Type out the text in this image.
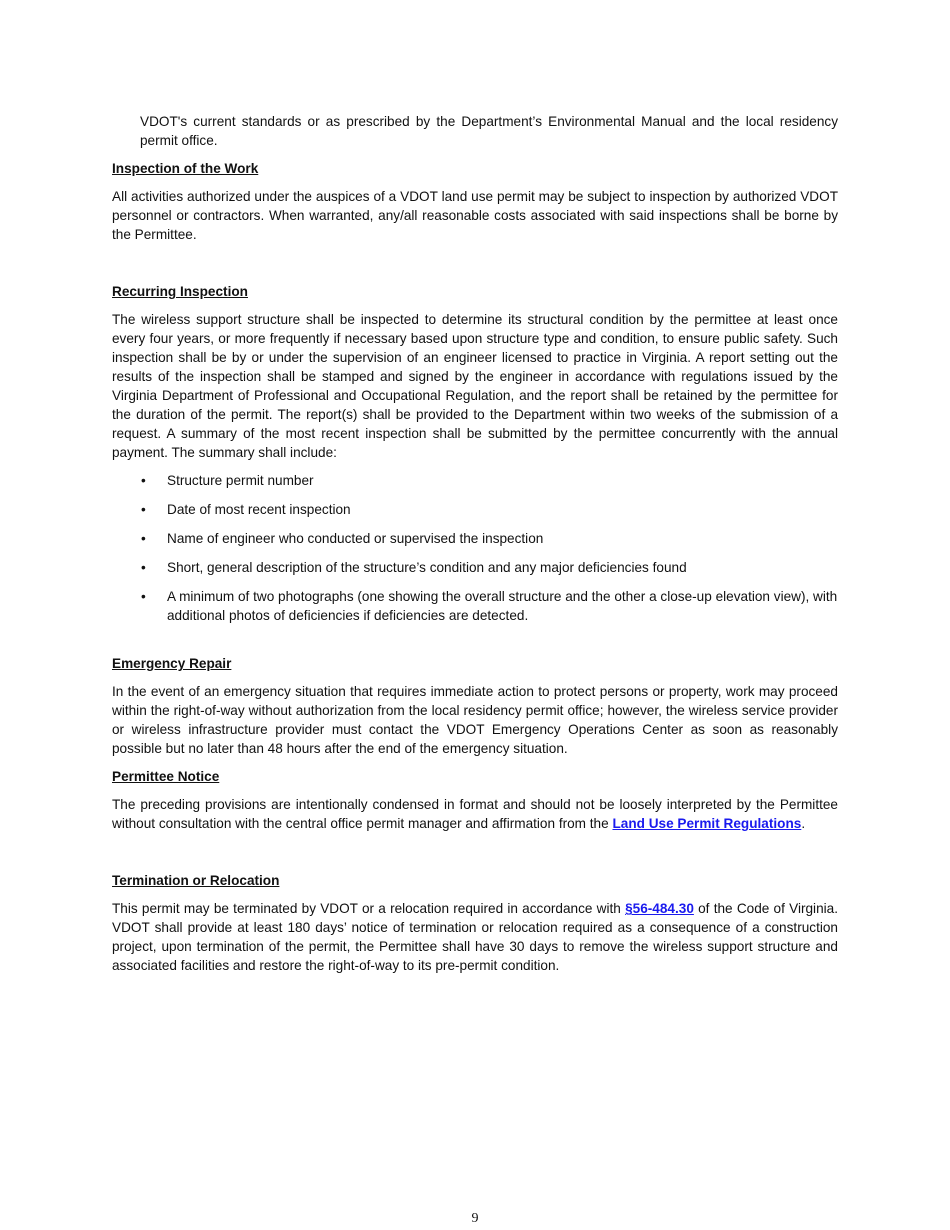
VDOT's current standards or as prescribed by the Department’s Environmental Manual and the local residency permit office.

Inspection of the Work

All activities authorized under the auspices of a VDOT land use permit may be subject to inspection by authorized VDOT personnel or contractors. When warranted, any/all reasonable costs associated with said inspections shall be borne by the Permittee.

Recurring Inspection

The wireless support structure shall be inspected to determine its structural condition by the permittee at least once every four years, or more frequently if necessary based upon structure type and condition, to ensure public safety. Such inspection shall be by or under the supervision of an engineer licensed to practice in Virginia. A report setting out the results of the inspection shall be stamped and signed by the engineer in accordance with regulations issued by the Virginia Department of Professional and Occupational Regulation, and the report shall be retained by the permittee for the duration of the permit. The report(s) shall be provided to the Department within two weeks of the submission of a request. A summary of the most recent inspection shall be submitted by the permittee concurrently with the annual payment. The summary shall include:

• Structure permit number
• Date of most recent inspection
• Name of engineer who conducted or supervised the inspection
• Short, general description of the structure’s condition and any major deficiencies found
• A minimum of two photographs (one showing the overall structure and the other a close-up elevation view), with additional photos of deficiencies if deficiencies are detected.
Emergency Repair

In the event of an emergency situation that requires immediate action to protect persons or property, work may proceed within the right-of-way without authorization from the local residency permit office; however, the wireless service provider or wireless infrastructure provider must contact the VDOT Emergency Operations Center as soon as reasonably possible but no later than 48 hours after the end of the emergency situation.

Permittee Notice

The preceding provisions are intentionally condensed in format and should not be loosely interpreted by the Permittee without consultation with the central office permit manager and affirmation from the Land Use Permit Regulations.

Termination or Relocation

This permit may be terminated by VDOT or a relocation required in accordance with §56-484.30 of the Code of Virginia. VDOT shall provide at least 180 days’ notice of termination or relocation required as a consequence of a construction project, upon termination of the permit, the Permittee shall have 30 days to remove the wireless support structure and associated facilities and restore the right-of-way to its pre-permit condition.

9
